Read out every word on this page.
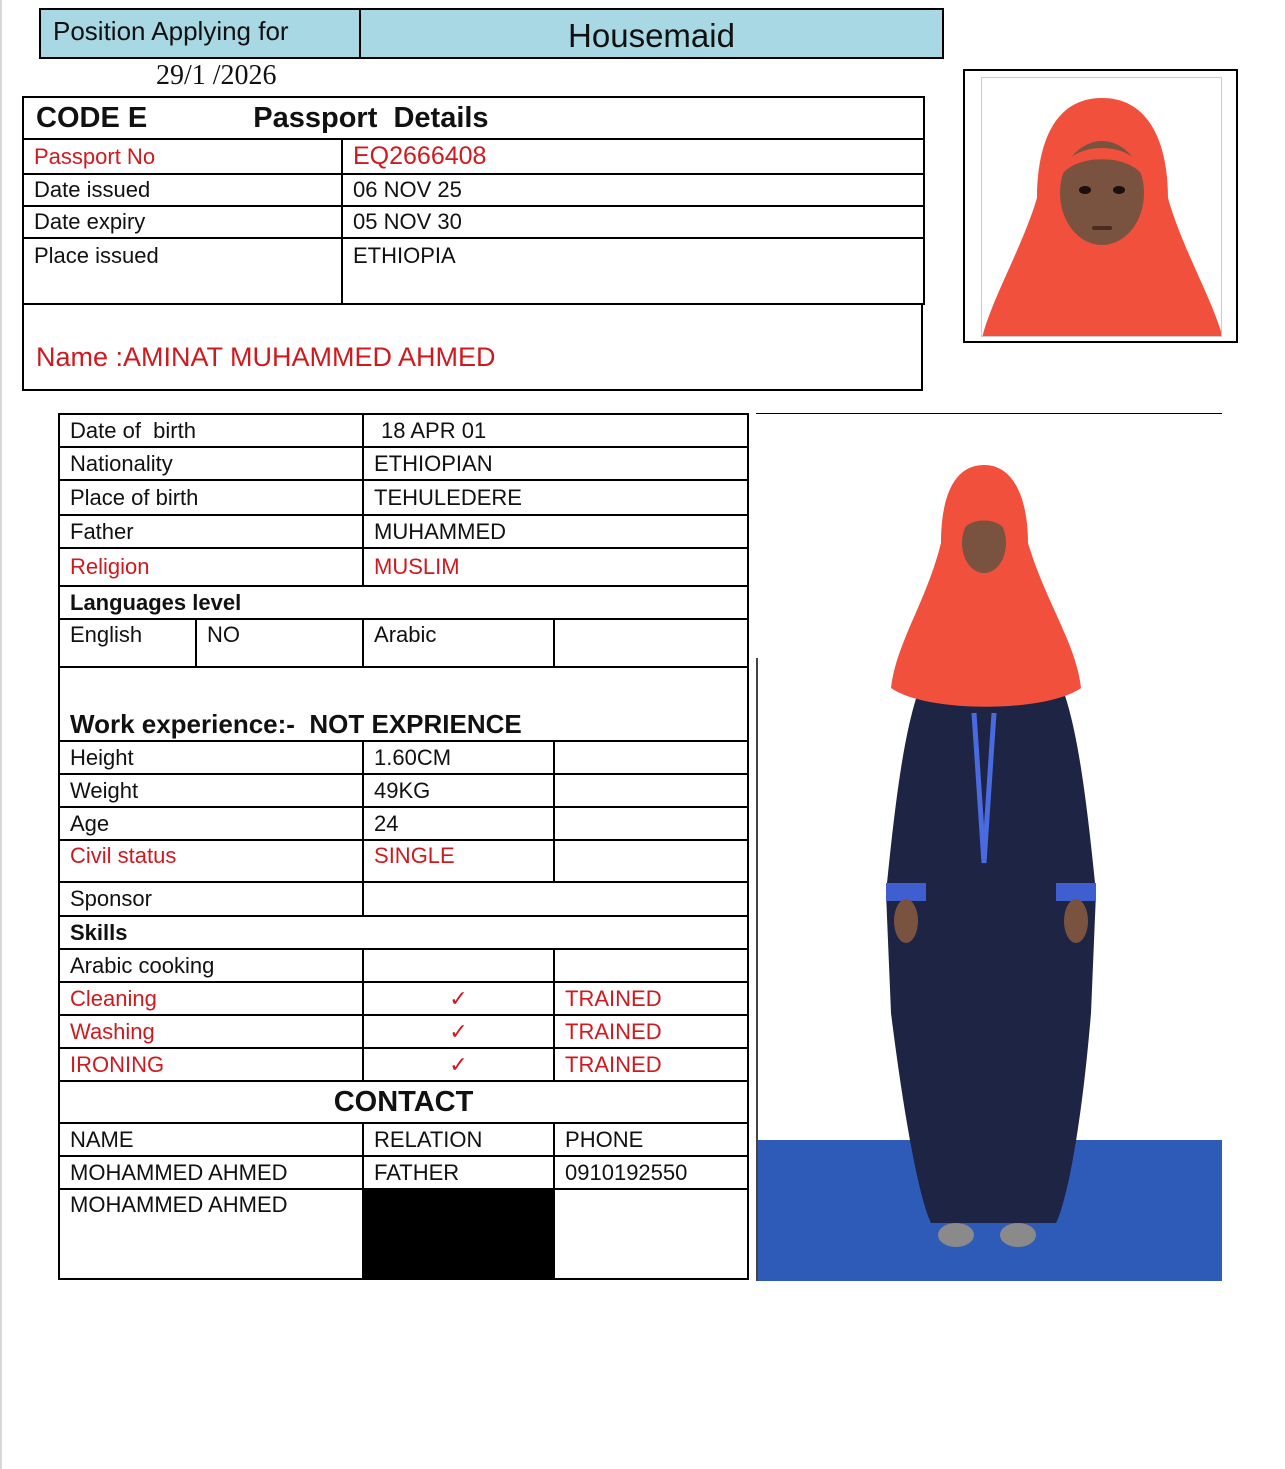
Position Applying for	Housemaid
29/1 /2026
CODE E Passport  Details	
Passport No	EQ2666408
Date issued	06 NOV 25
Date expiry	05 NOV 30
Place issued	ETHIOPIA
Name :AMINAT MUHAMMED AHMED
Date of  birth		18 APR 01	
Nationality		ETHIOPIAN	
Place of birth		TEHULEDERE	
Father		MUHAMMED	
Religion		MUSLIM	
Languages level			
English	NO	Arabic	
Work experience:-  NOT EXPRIENCE			
Height		1.60CM	
Weight		49KG	
Age		24	
Civil status		SINGLE	
Sponsor			
Skills			
Arabic cooking			
Cleaning		✓	TRAINED
Washing		✓	TRAINED
IRONING		✓	TRAINED
CONTACT			
NAME		RELATION	PHONE
MOHAMMED AHMED		FATHER	0910192550
MOHAMMED AHMED			
